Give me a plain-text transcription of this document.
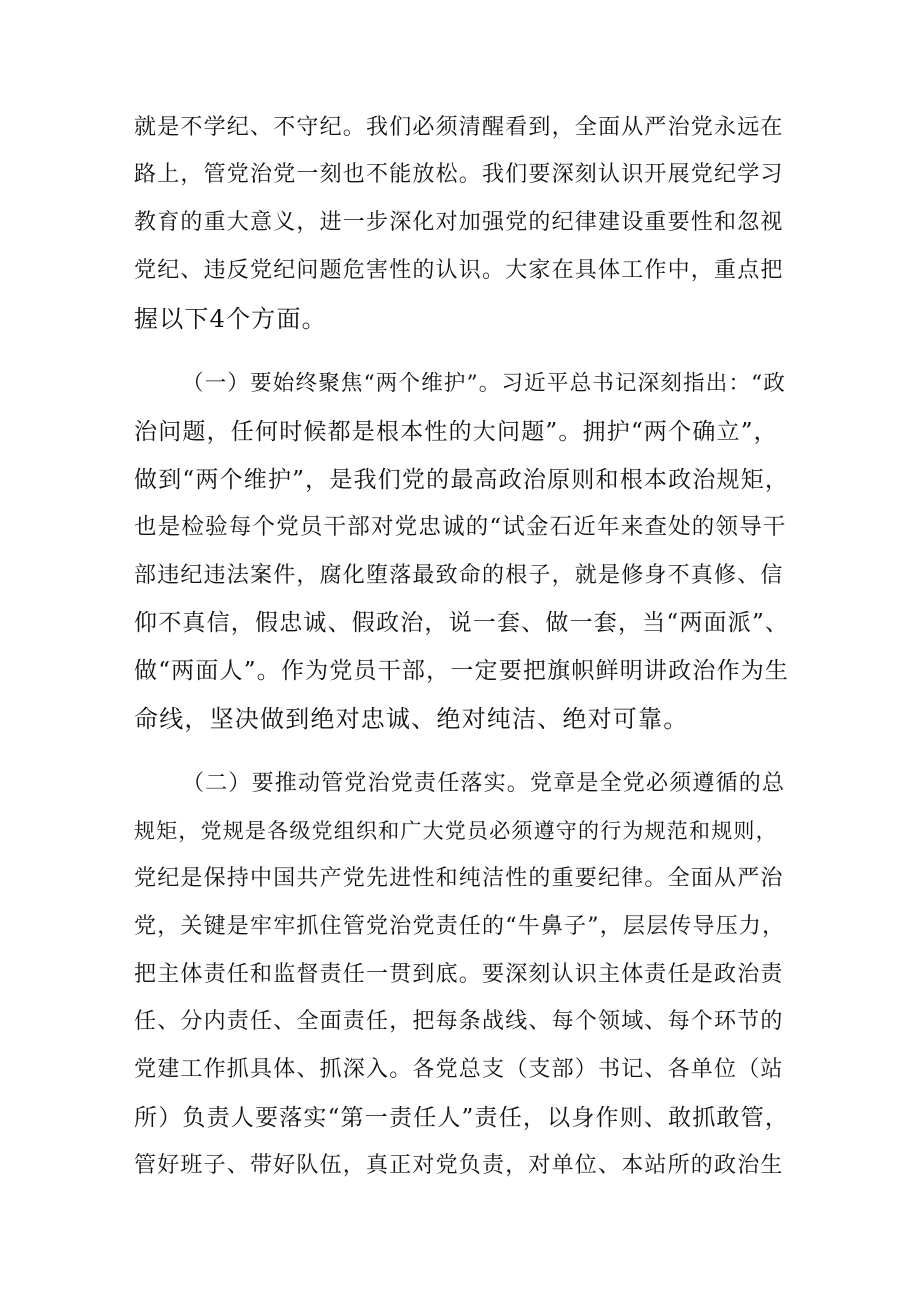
就是不学纪、不守纪。我们必须清醒看到，全面从严治党永远在
路上，管党治党一刻也不能放松。我们要深刻认识开展党纪学习
教育的重大意义，进一步深化对加强党的纪律建设重要性和忽视
党纪、违反党纪问题危害性的认识。大家在具体工作中，重点把
握以下4个方面。
（一）要始终聚焦“两个维护”。习近平总书记深刻指出：“政
治问题，任何时候都是根本性的大问题”。拥护“两个确立”，
做到“两个维护”，是我们党的最高政治原则和根本政治规矩，
也是检验每个党员干部对党忠诚的“试金石近年来查处的领导干
部违纪违法案件，腐化堕落最致命的根子，就是修身不真修、信
仰不真信，假忠诚、假政治，说一套、做一套，当“两面派”、
做“两面人”。作为党员干部，一定要把旗帜鲜明讲政治作为生
命线，坚决做到绝对忠诚、绝对纯洁、绝对可靠。
（二）要推动管党治党责任落实。党章是全党必须遵循的总
规矩，党规是各级党组织和广大党员必须遵守的行为规范和规则，
党纪是保持中国共产党先进性和纯洁性的重要纪律。全面从严治
党，关键是牢牢抓住管党治党责任的“牛鼻子”，层层传导压力，
把主体责任和监督责任一贯到底。要深刻认识主体责任是政治责
任、分内责任、全面责任，把每条战线、每个领域、每个环节的
党建工作抓具体、抓深入。各党总支（支部）书记、各单位（站
所）负责人要落实“第一责任人”责任，以身作则、敢抓敢管，
管好班子、带好队伍，真正对党负责，对单位、本站所的政治生
